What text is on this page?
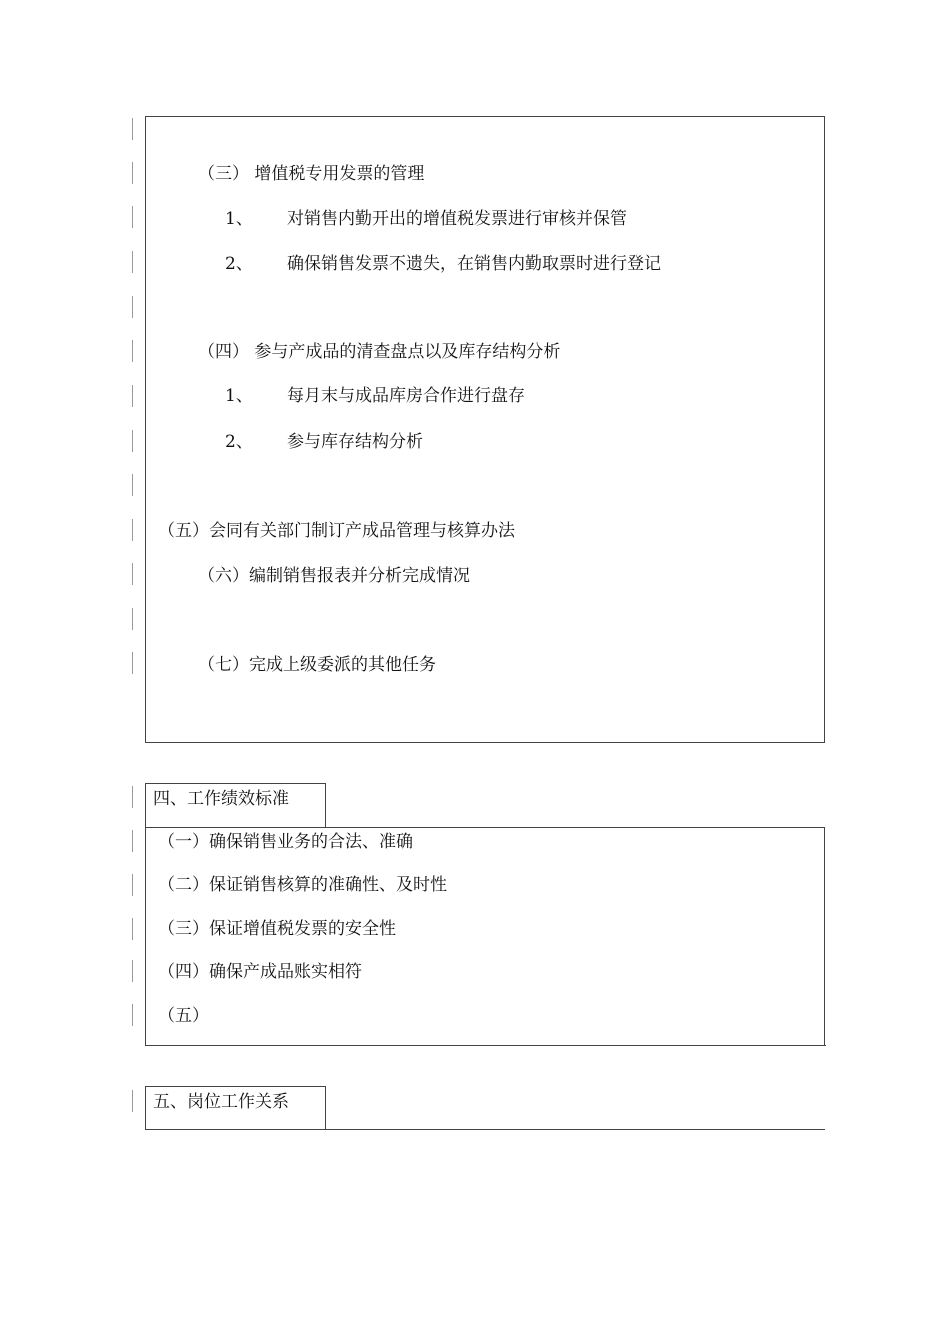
（三） 增值税专用发票的管理
1、 对销售内勤开出的增值税发票进行审核并保管
2、 确保销售发票不遗失，在销售内勤取票时进行登记
（四） 参与产成品的清查盘点以及库存结构分析
1、 每月末与成品库房合作进行盘存
2、 参与库存结构分析
（五）会同有关部门制订产成品管理与核算办法
（六）编制销售报表并分析完成情况
（七）完成上级委派的其他任务
四、工作绩效标准
（一）确保销售业务的合法、准确
（二）保证销售核算的准确性、及时性
（三）保证增值税发票的安全性
（四）确保产成品账实相符
（五）
五、岗位工作关系
